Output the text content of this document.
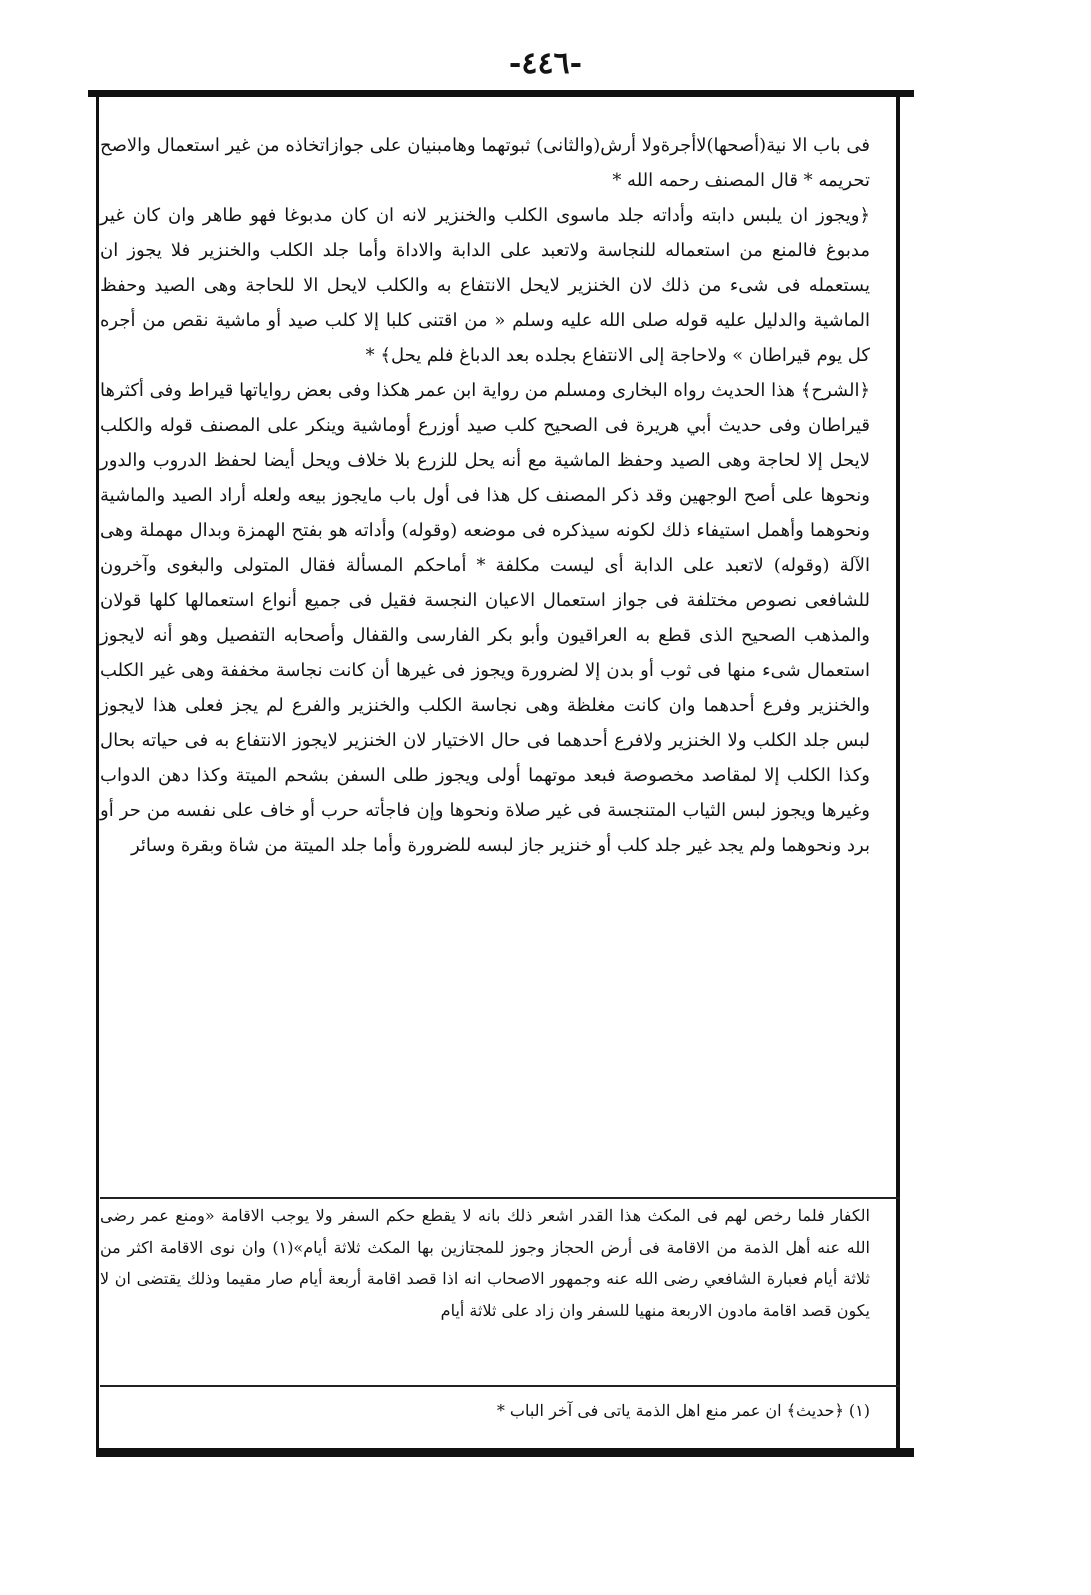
-٤٤٦-

فى باب الا نية(أصحها)لاأجرةولا أرش(والثانى) ثبوتهما وهامبنيان على جوازاتخاذه من غير استعمال والاصح تحريمه * قال المصنف رحمه الله *

﴿ويجوز ان يلبس دابته وأداته جلد ماسوى الكلب والخنزير لانه ان كان مدبوغا فهو طاهر وان كان غير مدبوغ فالمنع من استعماله للنجاسة ولاتعبد على الدابة والاداة وأما جلد الكلب والخنزير فلا يجوز ان يستعمله فى شىء من ذلك لان الخنزير لايحل الانتفاع به والكلب لايحل الا للحاجة وهى الصيد وحفظ الماشية والدليل عليه قوله صلى الله عليه وسلم « من اقتنى كلبا إلا كلب صيد أو ماشية نقص من أجره كل يوم قيراطان » ولاحاجة إلى الانتفاع بجلده بعد الدباغ فلم يحل﴾ *

﴿الشرح﴾ هذا الحديث رواه البخارى ومسلم من رواية ابن عمر هكذا وفى بعض رواياتها قيراط وفى أكثرها قيراطان وفى حديث أبي هريرة فى الصحيح كلب صيد أوزرع أوماشية وينكر على المصنف قوله والكلب لايحل إلا لحاجة وهى الصيد وحفظ الماشية مع أنه يحل للزرع بلا خلاف ويحل أيضا لحفظ الدروب والدور ونحوها على أصح الوجهين وقد ذكر المصنف كل هذا فى أول باب مايجوز بيعه ولعله أراد الصيد والماشية ونحوهما وأهمل استيفاء ذلك لكونه سيذكره فى موضعه (وقوله) وأداته هو بفتح الهمزة وبدال مهملة وهى الآلة (وقوله) لاتعبد على الدابة أى ليست مكلفة * أماحكم المسألة فقال المتولى والبغوى وآخرون للشافعى نصوص مختلفة فى جواز استعمال الاعيان النجسة فقيل فى جميع أنواع استعمالها كلها قولان والمذهب الصحيح الذى قطع به العراقيون وأبو بكر الفارسى والقفال وأصحابه التفصيل وهو أنه لايجوز استعمال شىء منها فى ثوب أو بدن إلا لضرورة ويجوز فى غيرها أن كانت نجاسة مخففة وهى غير الكلب والخنزير وفرع أحدهما وان كانت مغلظة وهى نجاسة الكلب والخنزير والفرع لم يجز فعلى هذا لايجوز لبس جلد الكلب ولا الخنزير ولافرع أحدهما فى حال الاختيار لان الخنزير لايجوز الانتفاع به فى حياته بحال وكذا الكلب إلا لمقاصد مخصوصة فبعد موتهما أولى ويجوز طلى السفن بشحم الميتة وكذا دهن الدواب وغيرها ويجوز لبس الثياب المتنجسة فى غير صلاة ونحوها وإن فاجأته حرب أو خاف على نفسه من حر أو برد ونحوهما ولم يجد غير جلد كلب أو خنزير جاز لبسه للضرورة وأما جلد الميتة من شاة وبقرة وسائر

الكفار فلما رخص لهم فى المكث هذا القدر اشعر ذلك بانه لا يقطع حكم السفر ولا يوجب الاقامة «ومنع عمر رضى الله عنه أهل الذمة من الاقامة فى أرض الحجاز وجوز للمجتازين بها المكث ثلاثة أيام»(١) وان نوى الاقامة اكثر من ثلاثة أيام فعبارة الشافعي رضى الله عنه وجمهور الاصحاب انه اذا قصد اقامة أربعة أيام صار مقيما وذلك يقتضى ان لا يكون قصد اقامة مادون الاربعة منهيا للسفر وان زاد على ثلاثة أيام
(١) ﴿حديث﴾ ان عمر منع اهل الذمة ياتى فى آخر الباب *
